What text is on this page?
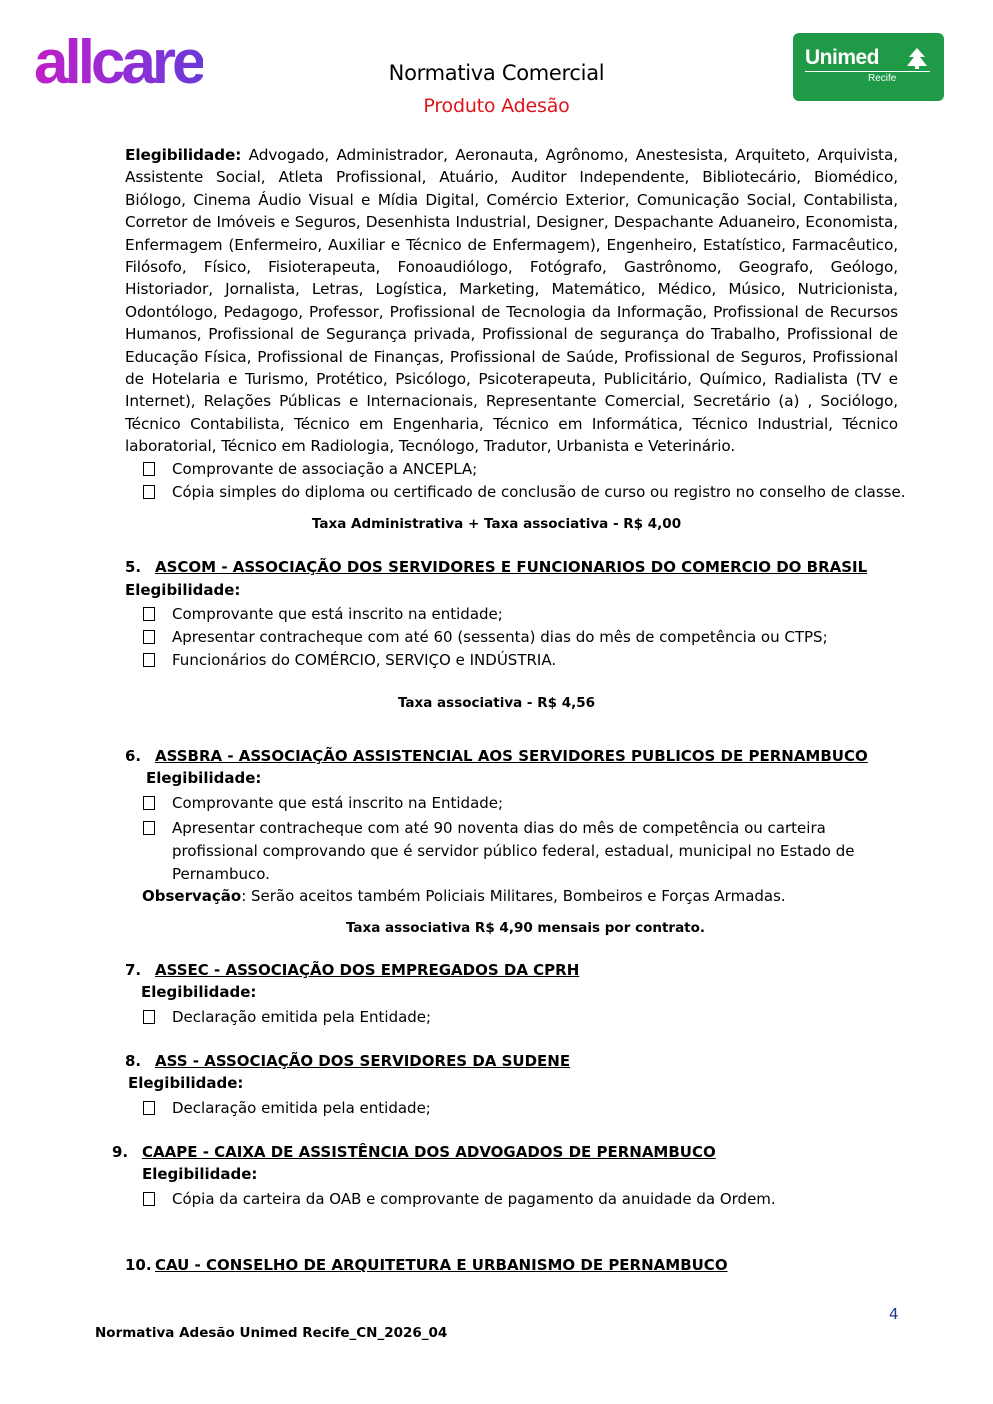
allcare	Normativa Comercial
Produto Adesão
Unimed
Recife
Elegibilidade: Advogado, Administrador, Aeronauta, Agrônomo, Anestesista, Arquiteto, Arquivista, Assistente Social, Atleta Profissional, Atuário, Auditor Independente, Bibliotecário, Biomédico, Biólogo, Cinema Áudio Visual e Mídia Digital, Comércio Exterior, Comunicação Social, Contabilista, Corretor de Imóveis e Seguros, Desenhista Industrial, Designer, Despachante Aduaneiro, Economista, Enfermagem (Enfermeiro, Auxiliar e Técnico de Enfermagem), Engenheiro, Estatístico, Farmacêutico, Filósofo, Físico, Fisioterapeuta, Fonoaudiólogo, Fotógrafo, Gastrônomo, Geografo, Geólogo, Historiador, Jornalista, Letras, Logística, Marketing, Matemático, Médico, Músico, Nutricionista, Odontólogo, Pedagogo, Professor, Profissional de Tecnologia da Informação, Profissional de Recursos Humanos, Profissional de Segurança privada, Profissional de segurança do Trabalho, Profissional de Educação Física, Profissional de Finanças, Profissional de Saúde, Profissional de Seguros, Profissional de Hotelaria e Turismo, Protético, Psicólogo, Psicoterapeuta, Publicitário, Químico, Radialista (TV e Internet), Relações Públicas e Internacionais, Representante Comercial, Secretário (a) , Sociólogo, Técnico Contabilista, Técnico em Engenharia, Técnico em Informática, Técnico Industrial, Técnico laboratorial, Técnico em Radiologia, Tecnólogo, Tradutor, Urbanista e Veterinário.
Comprovante de associação a ANCEPLA;
Cópia simples do diploma ou certificado de conclusão de curso ou registro no conselho de classe.
Taxa Administrativa + Taxa associativa - R$ 4,00
5. ASCOM - ASSOCIAÇÃO DOS SERVIDORES E FUNCIONARIOS DO COMERCIO DO BRASIL
Elegibilidade:
Comprovante que está inscrito na entidade;
Apresentar contracheque com até 60 (sessenta) dias do mês de competência ou CTPS;
Funcionários do COMÉRCIO, SERVIÇO e INDÚSTRIA.
Taxa associativa - R$ 4,56
6. ASSBRA - ASSOCIAÇÃO ASSISTENCIAL AOS SERVIDORES PUBLICOS DE PERNAMBUCO
Elegibilidade:
Comprovante que está inscrito na Entidade;
Apresentar contracheque com até 90 noventa dias do mês de competência ou carteira profissional comprovando que é servidor público federal, estadual, municipal no Estado de Pernambuco.
Observação: Serão aceitos também Policiais Militares, Bombeiros e Forças Armadas.
Taxa associativa R$ 4,90 mensais por contrato.
7. ASSEC - ASSOCIAÇÃO DOS EMPREGADOS DA CPRH
Elegibilidade:
Declaração emitida pela Entidade;
8. ASS - ASSOCIAÇÃO DOS SERVIDORES DA SUDENE
Elegibilidade:
Declaração emitida pela entidade;
9. CAAPE - CAIXA DE ASSISTÊNCIA DOS ADVOGADOS DE PERNAMBUCO
Elegibilidade:
Cópia da carteira da OAB e comprovante de pagamento da anuidade da Ordem.
10. CAU - CONSELHO DE ARQUITETURA E URBANISMO DE PERNAMBUCO
4
Normativa Adesão Unimed Recife_CN_2026_04
